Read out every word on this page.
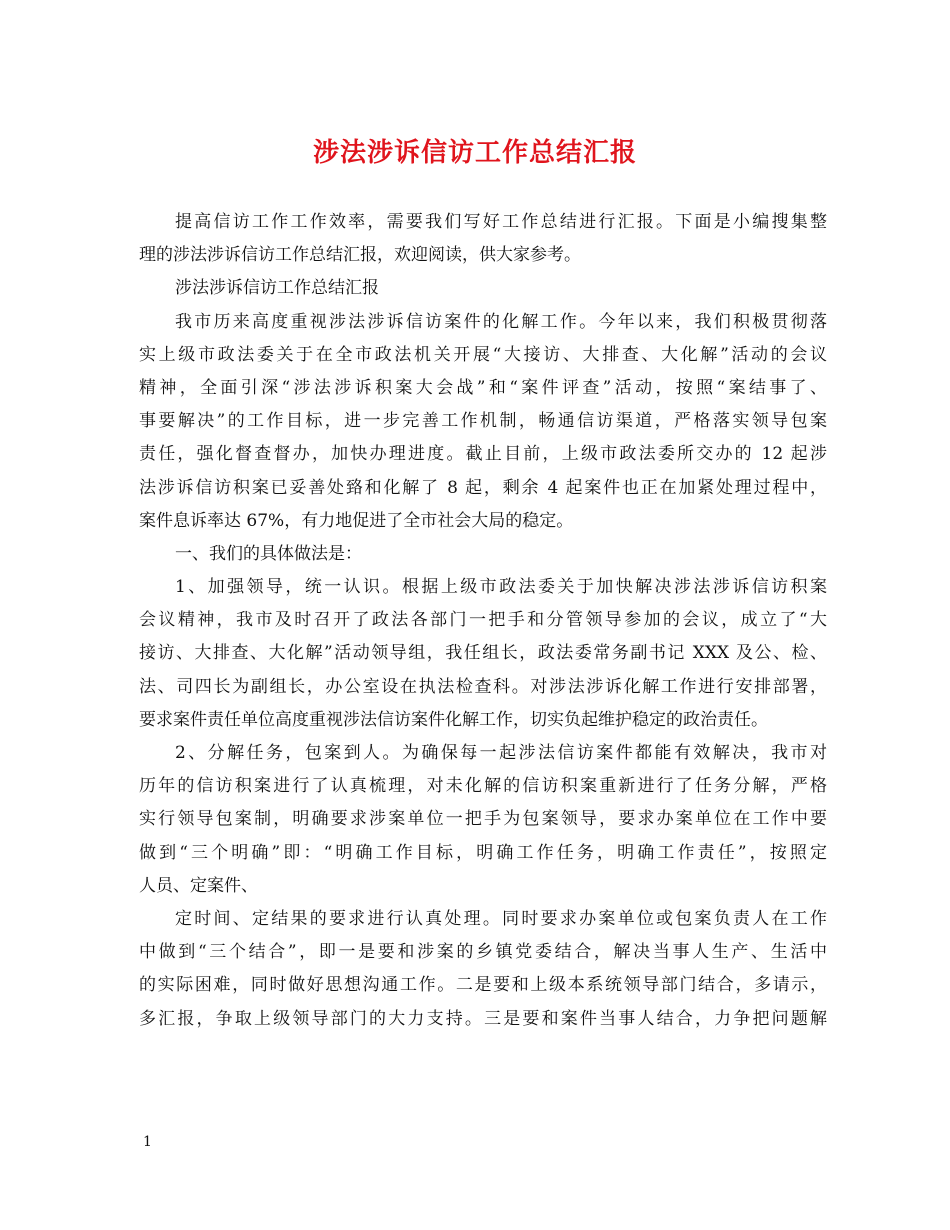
涉法涉诉信访工作总结汇报
提高信访工作工作效率，需要我们写好工作总结进行汇报。下面是小编搜集整
理的涉法涉诉信访工作总结汇报，欢迎阅读，供大家参考。
涉法涉诉信访工作总结汇报
我市历来高度重视涉法涉诉信访案件的化解工作。今年以来，我们积极贯彻落
实上级市政法委关于在全市政法机关开展“大接访、大排查、大化解”活动的会议
精神，全面引深“涉法涉诉积案大会战”和“案件评查”活动，按照“案结事了、
事要解决”的工作目标，进一步完善工作机制，畅通信访渠道，严格落实领导包案
责任，强化督查督办，加快办理进度。截止目前，上级市政法委所交办的 12 起涉
法涉诉信访积案已妥善处臵和化解了 8 起，剩余 4 起案件也正在加紧处理过程中，
案件息诉率达 67%，有力地促进了全市社会大局的稳定。
一、我们的具体做法是：
1、加强领导，统一认识。根据上级市政法委关于加快解决涉法涉诉信访积案
会议精神，我市及时召开了政法各部门一把手和分管领导参加的会议，成立了“大
接访、大排查、大化解”活动领导组，我任组长，政法委常务副书记 XXX 及公、检、
法、司四长为副组长，办公室设在执法检查科。对涉法涉诉化解工作进行安排部署，
要求案件责任单位高度重视涉法信访案件化解工作，切实负起维护稳定的政治责任。
2、分解任务，包案到人。为确保每一起涉法信访案件都能有效解决，我市对
历年的信访积案进行了认真梳理，对未化解的信访积案重新进行了任务分解，严格
实行领导包案制，明确要求涉案单位一把手为包案领导，要求办案单位在工作中要
做到“三个明确”即：“明确工作目标，明确工作任务，明确工作责任”，按照定
人员、定案件、
定时间、定结果的要求进行认真处理。同时要求办案单位或包案负责人在工作
中做到“三个结合”，即一是要和涉案的乡镇党委结合，解决当事人生产、生活中
的实际困难，同时做好思想沟通工作。二是要和上级本系统领导部门结合，多请示，
多汇报，争取上级领导部门的大力支持。三是要和案件当事人结合，力争把问题解
1
